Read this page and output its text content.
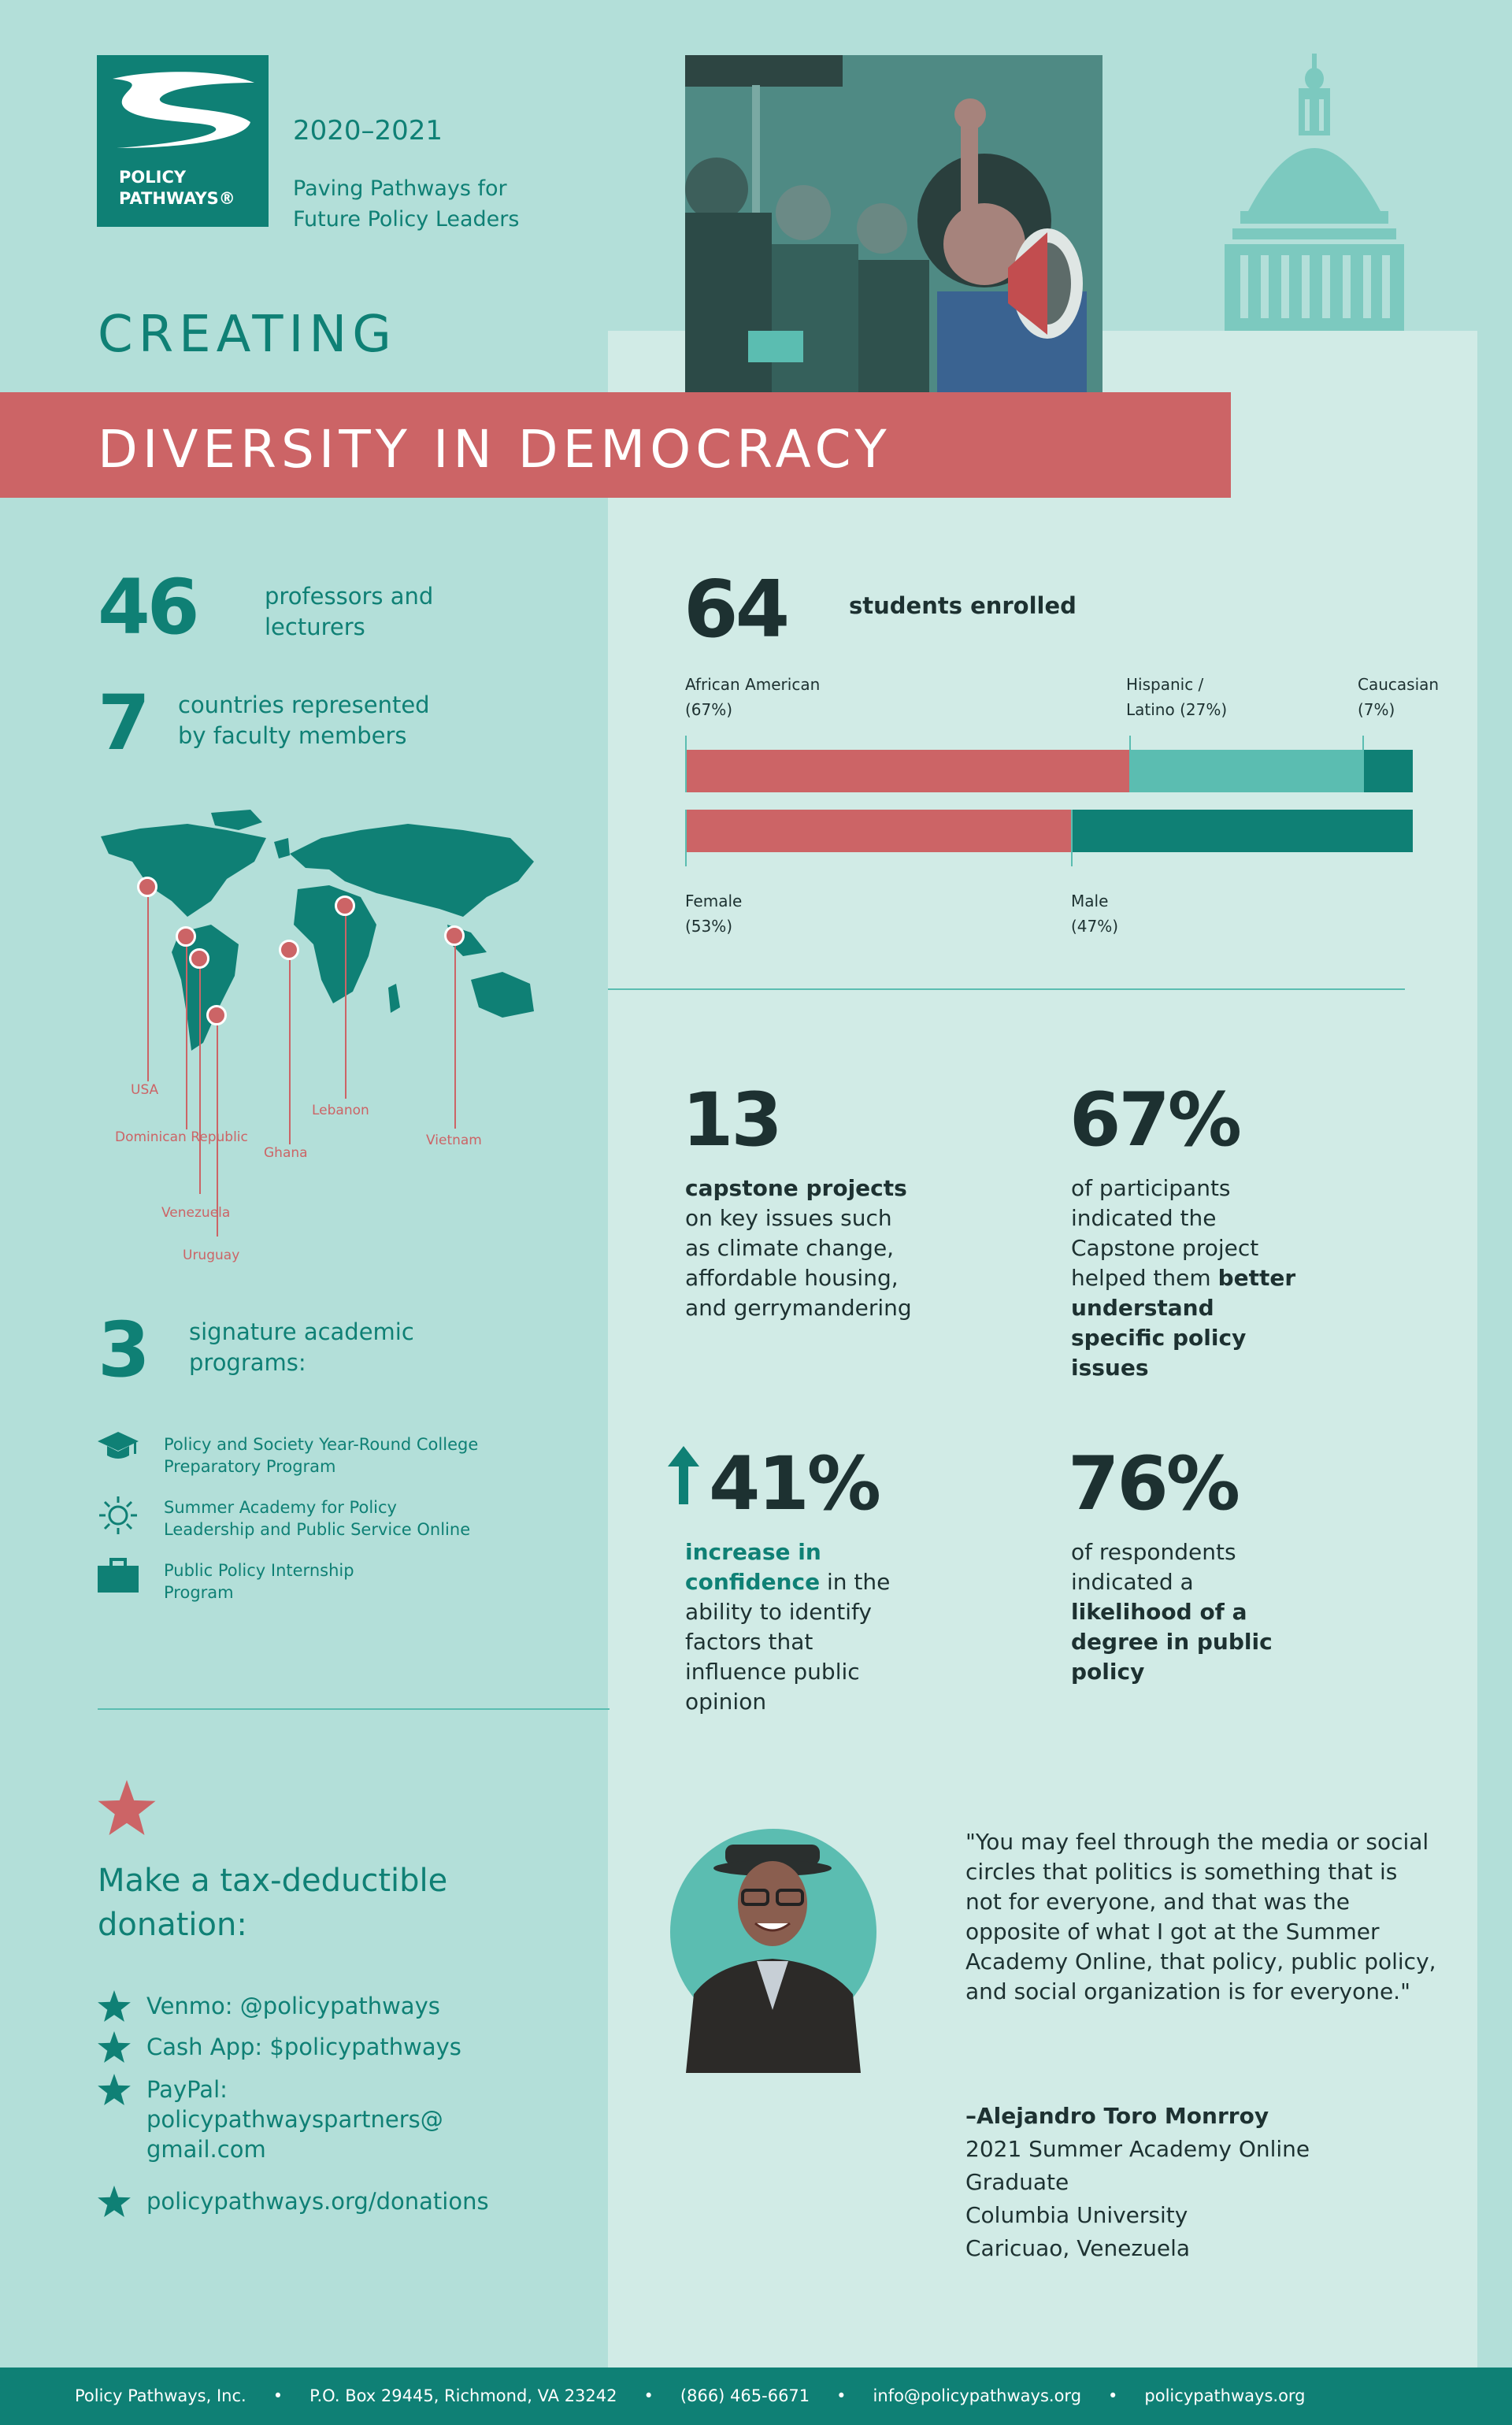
POLICY
PATHWAYS®
2020–2021
Paving Pathways for
Future Policy Leaders
CREATING
DIVERSITY IN DEMOCRACY
46	professors and
lecturers
7 countries represented
by faculty members
USA
Dominican Republic
Venezuela
Uruguay
Ghana
Lebanon
Vietnam
3 signature academic
programs:
Policy and Society Year-Round College
Preparatory Program
Summer Academy for Policy
Leadership and Public Service Online
Public Policy Internship
Program
Make a tax-deductible
donation:
Venmo: @policypathways
Cash App: $policypathways
PayPal:
policypathwayspartners@
gmail.com
policypathways.org/donations
64	students enrolled
African American
(67%)
Hispanic /
Latino (27%)
Caucasian
(7%)
Female
(53%)
Male
(47%)
13
capstone projects
on key issues such
as climate change,
affordable housing,
and gerrymandering
67%
of participants
indicated the
Capstone project
helped them better
understand
specific policy
issues
41%
increase in
confidence in the
ability to identify
factors that
influence public
opinion
76%
of respondents
indicated a
likelihood of a
degree in public
policy
"You may feel through the media or social circles that politics is something that is not for everyone, and that was the opposite of what I got at the Summer Academy Online, that policy, public policy, and social organization is for everyone."
–Alejandro Toro Monrroy
2021 Summer Academy Online
Graduate
Columbia University
Caricuao, Venezuela
Policy Pathways, Inc. • P.O. Box 29445, Richmond, VA 23242 • (866) 465-6671 • info@policypathways.org • policypathways.org
